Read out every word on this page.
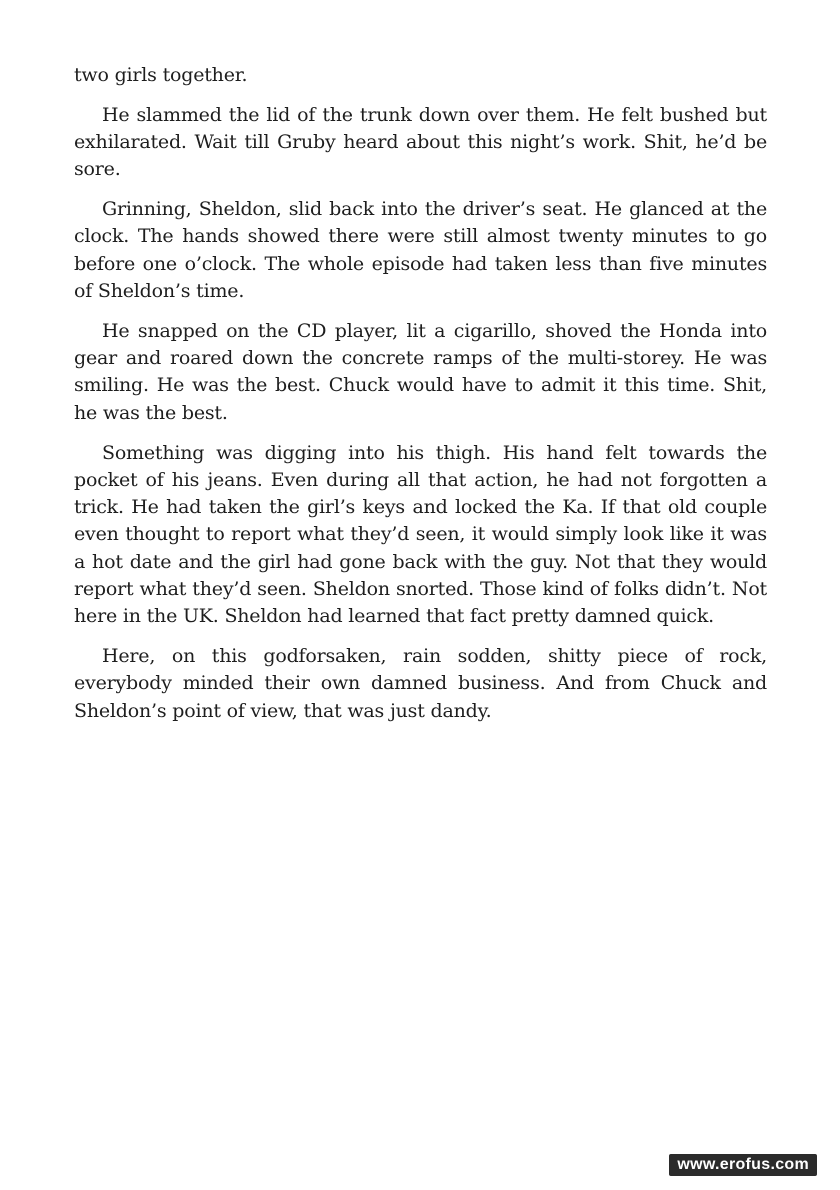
two girls together.

He slammed the lid of the trunk down over them. He felt bushed but exhilarated. Wait till Gruby heard about this night’s work. Shit, he’d be sore.

Grinning, Sheldon, slid back into the driver’s seat. He glanced at the clock. The hands showed there were still almost twenty minutes to go before one o’clock. The whole episode had taken less than five minutes of Sheldon’s time.

He snapped on the CD player, lit a cigarillo, shoved the Honda into gear and roared down the concrete ramps of the multi-storey. He was smiling. He was the best. Chuck would have to admit it this time. Shit, he was the best.

Something was digging into his thigh. His hand felt towards the pocket of his jeans. Even during all that action, he had not forgotten a trick. He had taken the girl’s keys and locked the Ka. If that old couple even thought to report what they’d seen, it would simply look like it was a hot date and the girl had gone back with the guy. Not that they would report what they’d seen. Sheldon snorted. Those kind of folks didn’t. Not here in the UK. Sheldon had learned that fact pretty damned quick.

Here, on this godforsaken, rain sodden, shitty piece of rock, everybody minded their own damned business. And from Chuck and Sheldon’s point of view, that was just dandy.

www.erofus.com
